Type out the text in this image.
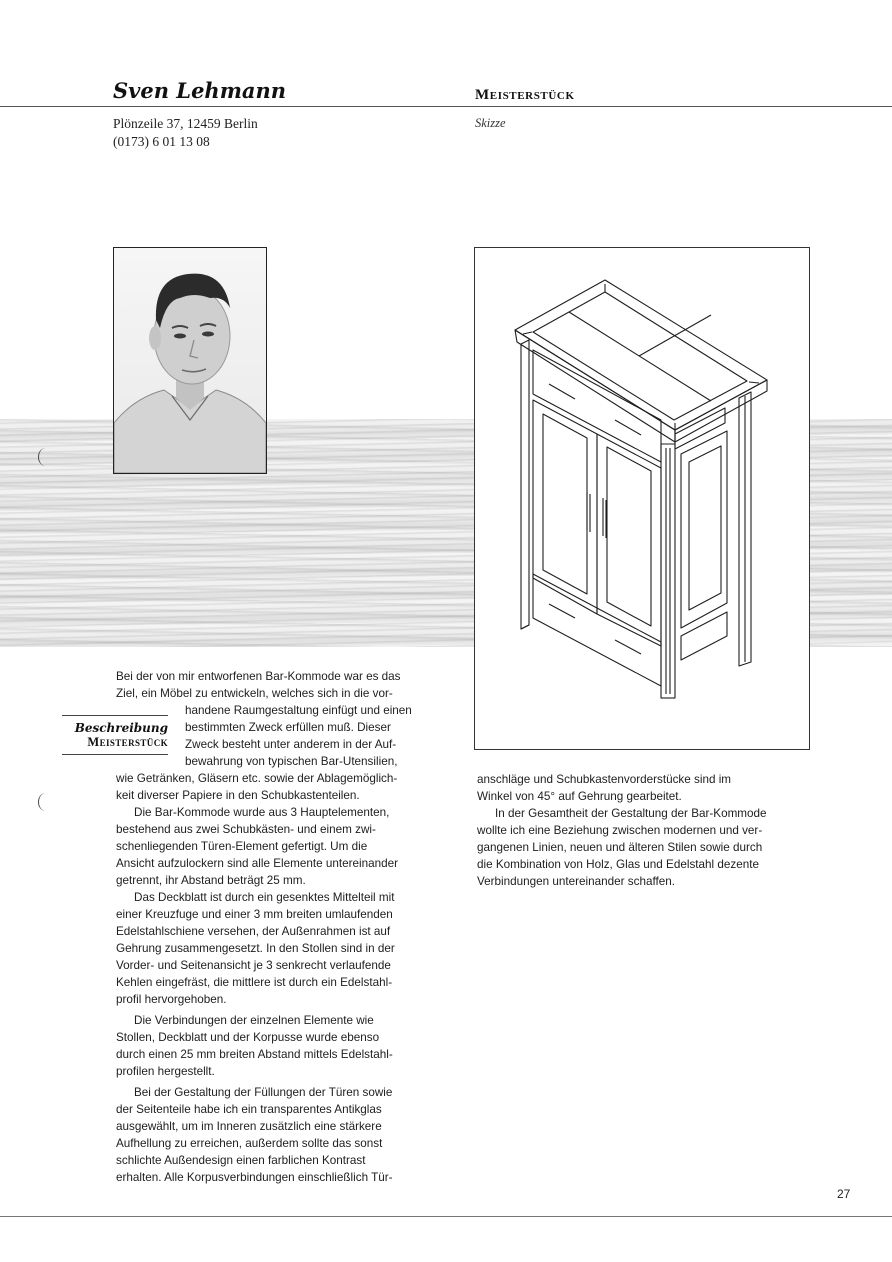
Sven Lehmann
Plönzeile 37, 12459 Berlin
(0173) 6 01 13 08
Meisterstück
Skizze
Beschreibung
Meisterstück
Bei der von mir entworfenen Bar-Kommode war es das
Ziel, ein Möbel zu entwickeln, welches sich in die vor-
handene Raumgestaltung einfügt und einen
bestimmten Zweck erfüllen muß. Dieser
Zweck besteht unter anderem in der Auf-
bewahrung von typischen Bar-Utensilien,
wie Getränken, Gläsern etc. sowie der Ablagemöglich-
keit diverser Papiere in den Schubkastenteilen.
Die Bar-Kommode wurde aus 3 Hauptelementen,
bestehend aus zwei Schubkästen- und einem zwi-
schenliegenden Türen-Element gefertigt. Um die
Ansicht aufzulockern sind alle Elemente untereinander
getrennt, ihr Abstand beträgt 25 mm.
Das Deckblatt ist durch ein gesenktes Mittelteil mit
einer Kreuzfuge und einer 3 mm breiten umlaufenden
Edelstahlschiene versehen, der Außenrahmen ist auf
Gehrung zusammengesetzt. In den Stollen sind in der
Vorder- und Seitenansicht je 3 senkrecht verlaufende
Kehlen eingefräst, die mittlere ist durch ein Edelstahl-
profil hervorgehoben.
Die Verbindungen der einzelnen Elemente wie
Stollen, Deckblatt und der Korpusse wurde ebenso
durch einen 25 mm breiten Abstand mittels Edelstahl-
profilen hergestellt.
Bei der Gestaltung der Füllungen der Türen sowie
der Seitenteile habe ich ein transparentes Antikglas
ausgewählt, um im Inneren zusätzlich eine stärkere
Aufhellung zu erreichen, außerdem sollte das sonst
schlichte Außendesign einen farblichen Kontrast
erhalten. Alle Korpusverbindungen einschließlich Tür-
anschläge und Schubkastenvorderstücke sind im
Winkel von 45° auf Gehrung gearbeitet.
In der Gesamtheit der Gestaltung der Bar-Kommode
wollte ich eine Beziehung zwischen modernen und ver-
gangenen Linien, neuen und älteren Stilen sowie durch
die Kombination von Holz, Glas und Edelstahl dezente
Verbindungen untereinander schaffen.
27
